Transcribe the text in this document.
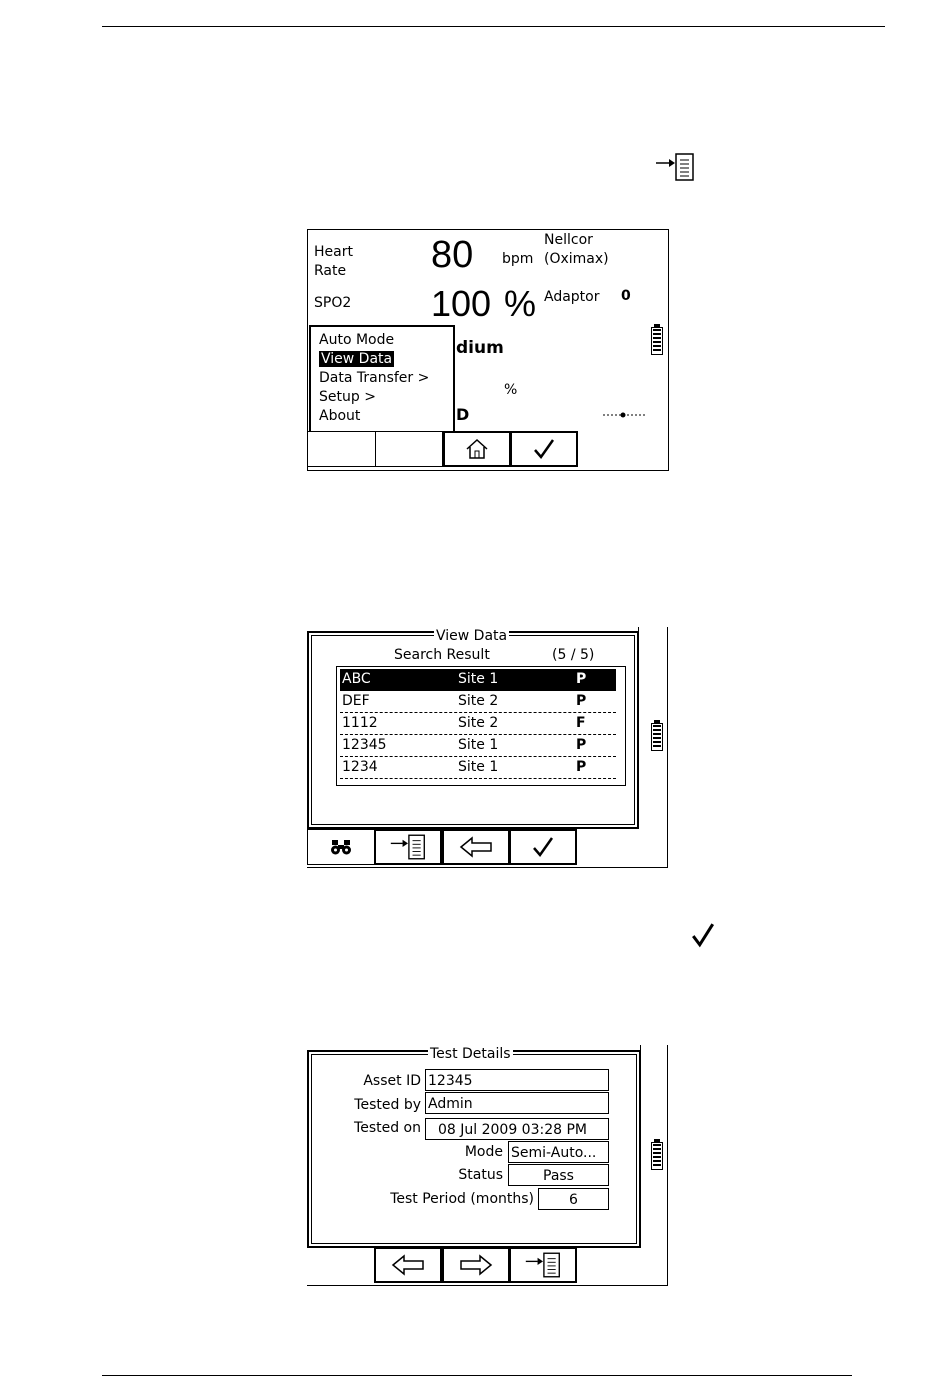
Heart
Rate 80 bpm
Nellcor
(Oximax)
SPO2 100 % Adaptor 0
dium
%
D
Auto Mode
View Data
Data Transfer >
Setup >
About
View Data
Search Result	(5 / 5)
ABC	Site 1	P
DEF	Site 2	P
1112	Site 2	F
12345	Site 1	P
1234	Site 1	P
Test Details
Asset ID 12345
Tested by Admin
Tested on	08 Jul 2009 03:28 PM
Mode Semi-Auto...
Status	Pass
Test Period (months)	6
